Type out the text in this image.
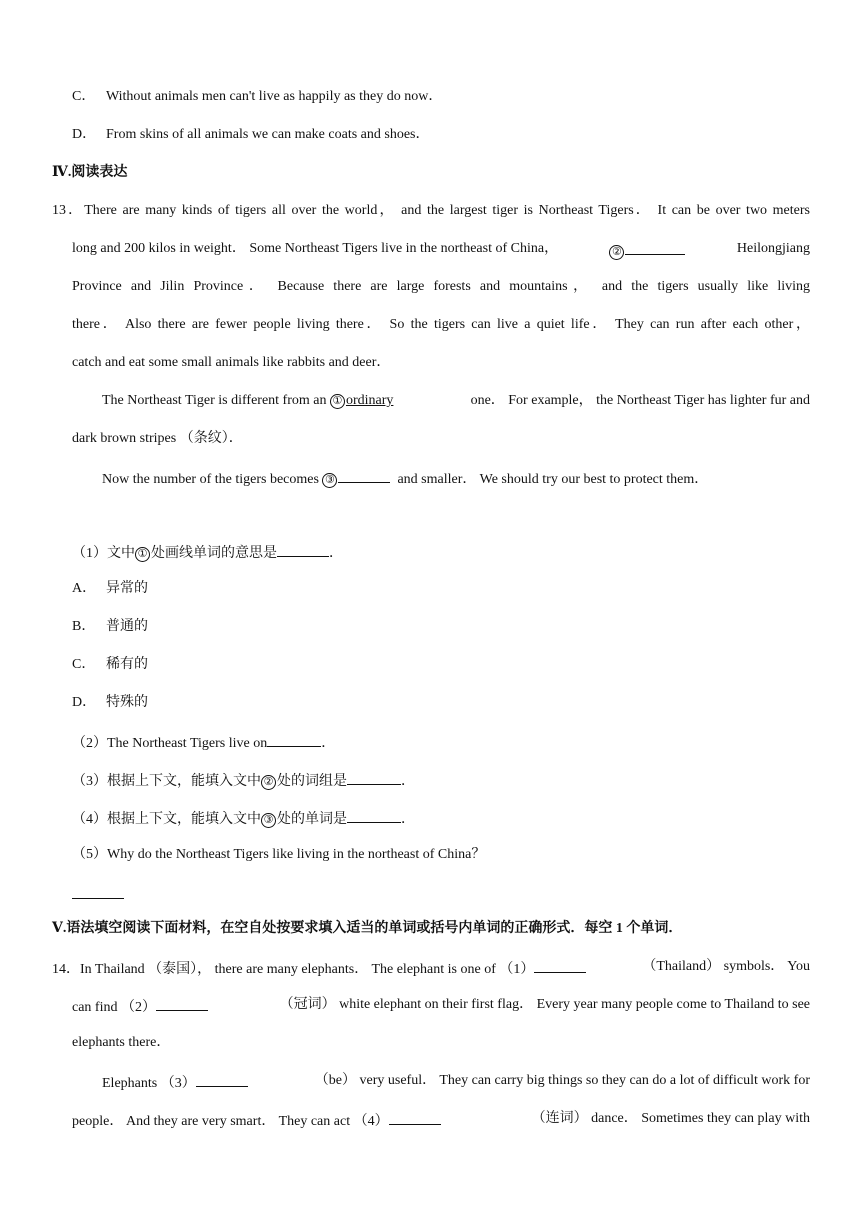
C． Without animals men can't live as happily as they do now．
D． From skins of all animals we can make coats and shoes．
Ⅳ.阅读表达
13．There are many kinds of tigers all over the world， and the largest tiger is Northeast Tigers． It can be over two meters
long and 200 kilos in weight． Some Northeast Tigers live in the northeast of China，	②	Heilongjiang
Province and Jilin Province． Because there are large forests and mountains， and the tigers usually like living
there． Also there are fewer people living there． So the tigers can live a quiet life． They can run after each other，
catch and eat some small animals like rabbits and deer．
The Northeast Tiger is different from an ① ordinary	one． For example， the Northeast Tiger has lighter fur and
dark brown stripes （条纹）．
Now the number of the tigers becomes ③	and smaller． We should try our best to protect them．
（1）文中 ① 处画线单词的意思是	．
A． 异常的
B． 普通的
C． 稀有的
D． 特殊的
（2）The Northeast Tigers live on	．
（3）根据上下文，能填入文中 ② 处的词组是	．
（4）根据上下文，能填入文中 ③ 处的单词是	．
（5）Why do the Northeast Tigers like living in the northeast of China？
Ⅴ.语法填空阅读下面材料，在空自处按要求填入适当的单词或括号内单词的正确形式．每空 1 个单词．
14．In Thailand （泰国）， there are many elephants． The elephant is one of （1）	（Thailand） symbols． You
can find （2）	（冠词） white elephant on their first flag． Every year many people come to Thailand to see
elephants there．
Elephants （3）	（be） very useful． They can carry big things so they can do a lot of difficult work for
people． And they are very smart． They can act （4）	（连词） dance． Sometimes they can play with
